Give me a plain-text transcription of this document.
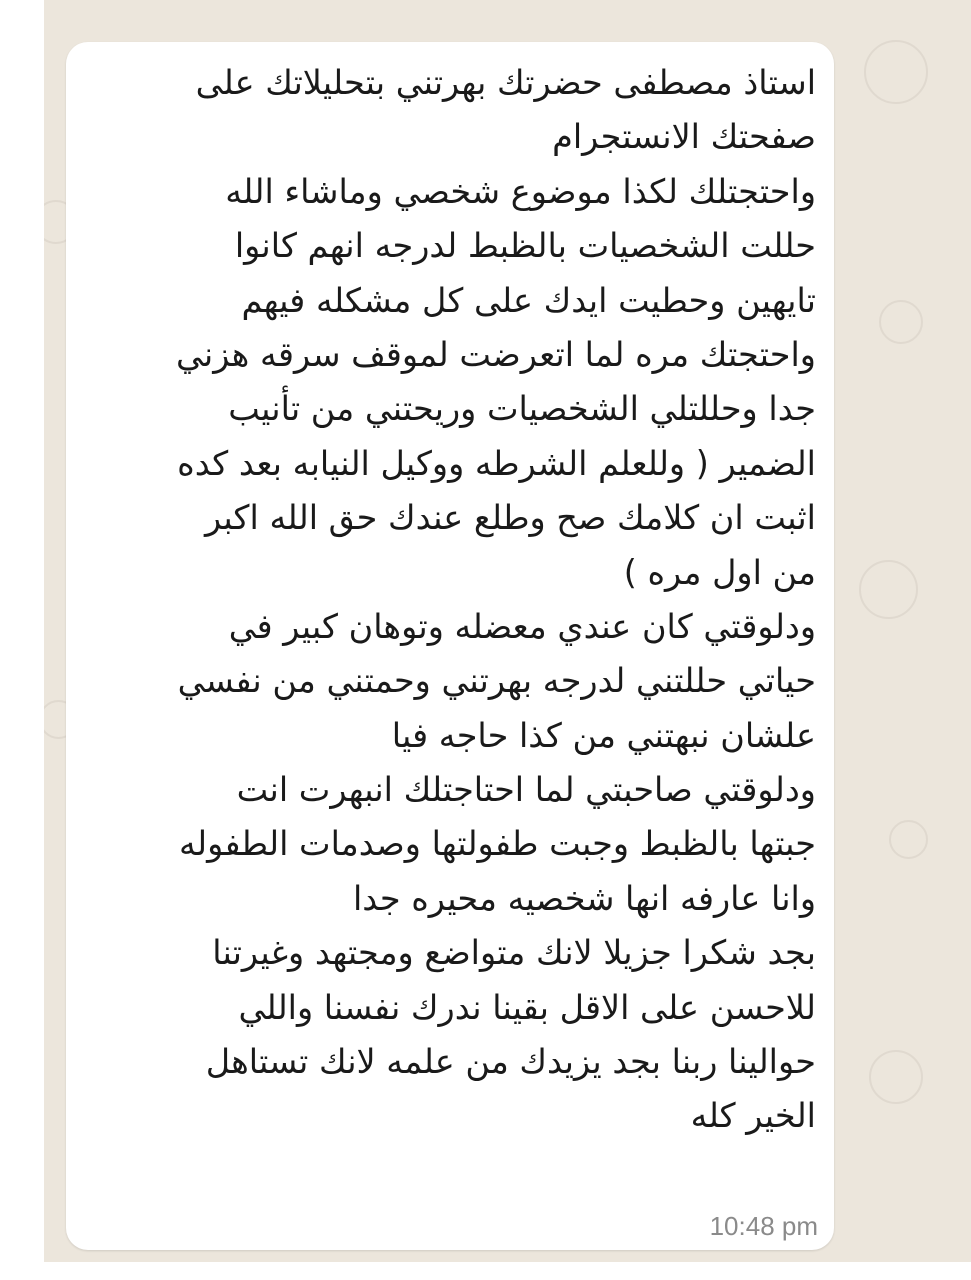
استاذ مصطفى حضرتك بهرتني بتحليلاتك على
صفحتك الانستجرام
واحتجتلك لكذا موضوع شخصي وماشاء الله
حللت الشخصيات بالظبط لدرجه انهم كانوا
تايهين وحطيت ايدك على كل مشكله فيهم
واحتجتك مره لما اتعرضت لموقف سرقه هزني
جدا وحللتلي الشخصيات وريحتني من تأنيب
الضمير ( وللعلم الشرطه ووكيل النيابه بعد كده
اثبت ان كلامك صح وطلع عندك حق الله اكبر
من اول مره )
ودلوقتي كان عندي معضله وتوهان كبير في
حياتي حللتني لدرجه بهرتني وحمتني من نفسي
علشان نبهتني من كذا حاجه فيا
ودلوقتي صاحبتي لما احتاجتلك انبهرت انت
جبتها بالظبط وجبت طفولتها وصدمات الطفوله
وانا عارفه انها شخصيه محيره جدا
بجد شكرا جزيلا لانك متواضع ومجتهد وغيرتنا
للاحسن على الاقل بقينا ندرك نفسنا واللي
حوالينا ربنا بجد يزيدك من علمه لانك تستاهل
الخير كله
10:48 pm
